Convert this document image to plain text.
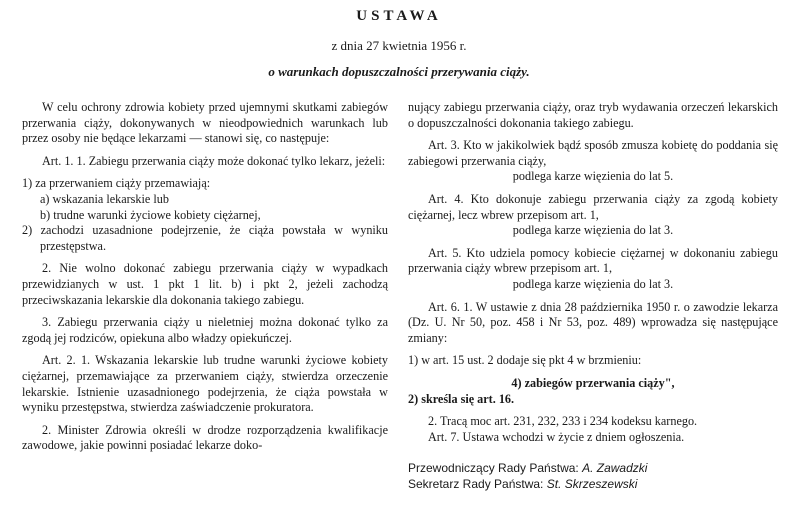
USTAWA
z dnia 27 kwietnia 1956 r.
o warunkach dopuszczalności przerywania ciąży.

W celu ochrony zdrowia kobiety przed ujemnymi skutkami zabiegów przerwania ciąży, dokonywanych w nieodpowiednich warunkach lub przez osoby nie będące lekarzami — stanowi się, co następuje:

Art. 1. 1. Zabiegu przerwania ciąży może dokonać tylko lekarz, jeżeli:

1) za przerwaniem ciąży przemawiają:

a) wskazania lekarskie lub

b) trudne warunki życiowe kobiety ciężarnej,

2) zachodzi uzasadnione podejrzenie, że ciąża powstała w wyniku przestępstwa.

2. Nie wolno dokonać zabiegu przerwania ciąży w wypadkach przewidzianych w ust. 1 pkt 1 lit. b) i pkt 2, jeżeli zachodzą przeciwskazania lekarskie dla dokonania takiego zabiegu.

3. Zabiegu przerwania ciąży u nieletniej można dokonać tylko za zgodą jej rodziców, opiekuna albo władzy opiekuńczej.

Art. 2. 1. Wskazania lekarskie lub trudne warunki życiowe kobiety ciężarnej, przemawiające za przerwaniem ciąży, stwierdza orzeczenie lekarskie. Istnienie uzasadnionego podejrzenia, że ciąża powstała w wyniku przestępstwa, stwierdza zaświadczenie prokuratora.

2. Minister Zdrowia określi w drodze rozporządzenia kwalifikacje zawodowe, jakie powinni posiadać lekarze doko-

nujący zabiegu przerwania ciąży, oraz tryb wydawania orzeczeń lekarskich o dopuszczalności dokonania takiego zabiegu.

Art. 3. Kto w jakikolwiek bądź sposób zmusza kobietę do poddania się zabiegowi przerwania ciąży,

podlega karze więzienia do lat 5.

Art. 4. Kto dokonuje zabiegu przerwania ciąży za zgodą kobiety ciężarnej, lecz wbrew przepisom art. 1,

podlega karze więzienia do lat 3.

Art. 5. Kto udziela pomocy kobiecie ciężarnej w dokonaniu zabiegu przerwania ciąży wbrew przepisom art. 1,

podlega karze więzienia do lat 3.

Art. 6. 1. W ustawie z dnia 28 października 1950 r. o zawodzie lekarza (Dz. U. Nr 50, poz. 458 i Nr 53, poz. 489) wprowadza się następujące zmiany:

1) w art. 15 ust. 2 dodaje się pkt 4 w brzmieniu:

4) zabiegów przerwania ciąży",

2) skreśla się art. 16.

2. Tracą moc art. 231, 232, 233 i 234 kodeksu karnego.

Art. 7. Ustawa wchodzi w życie z dniem ogłoszenia.

Przewodniczący Rady Państwa: A. Zawadzki

Sekretarz Rady Państwa: St. Skrzeszewski
